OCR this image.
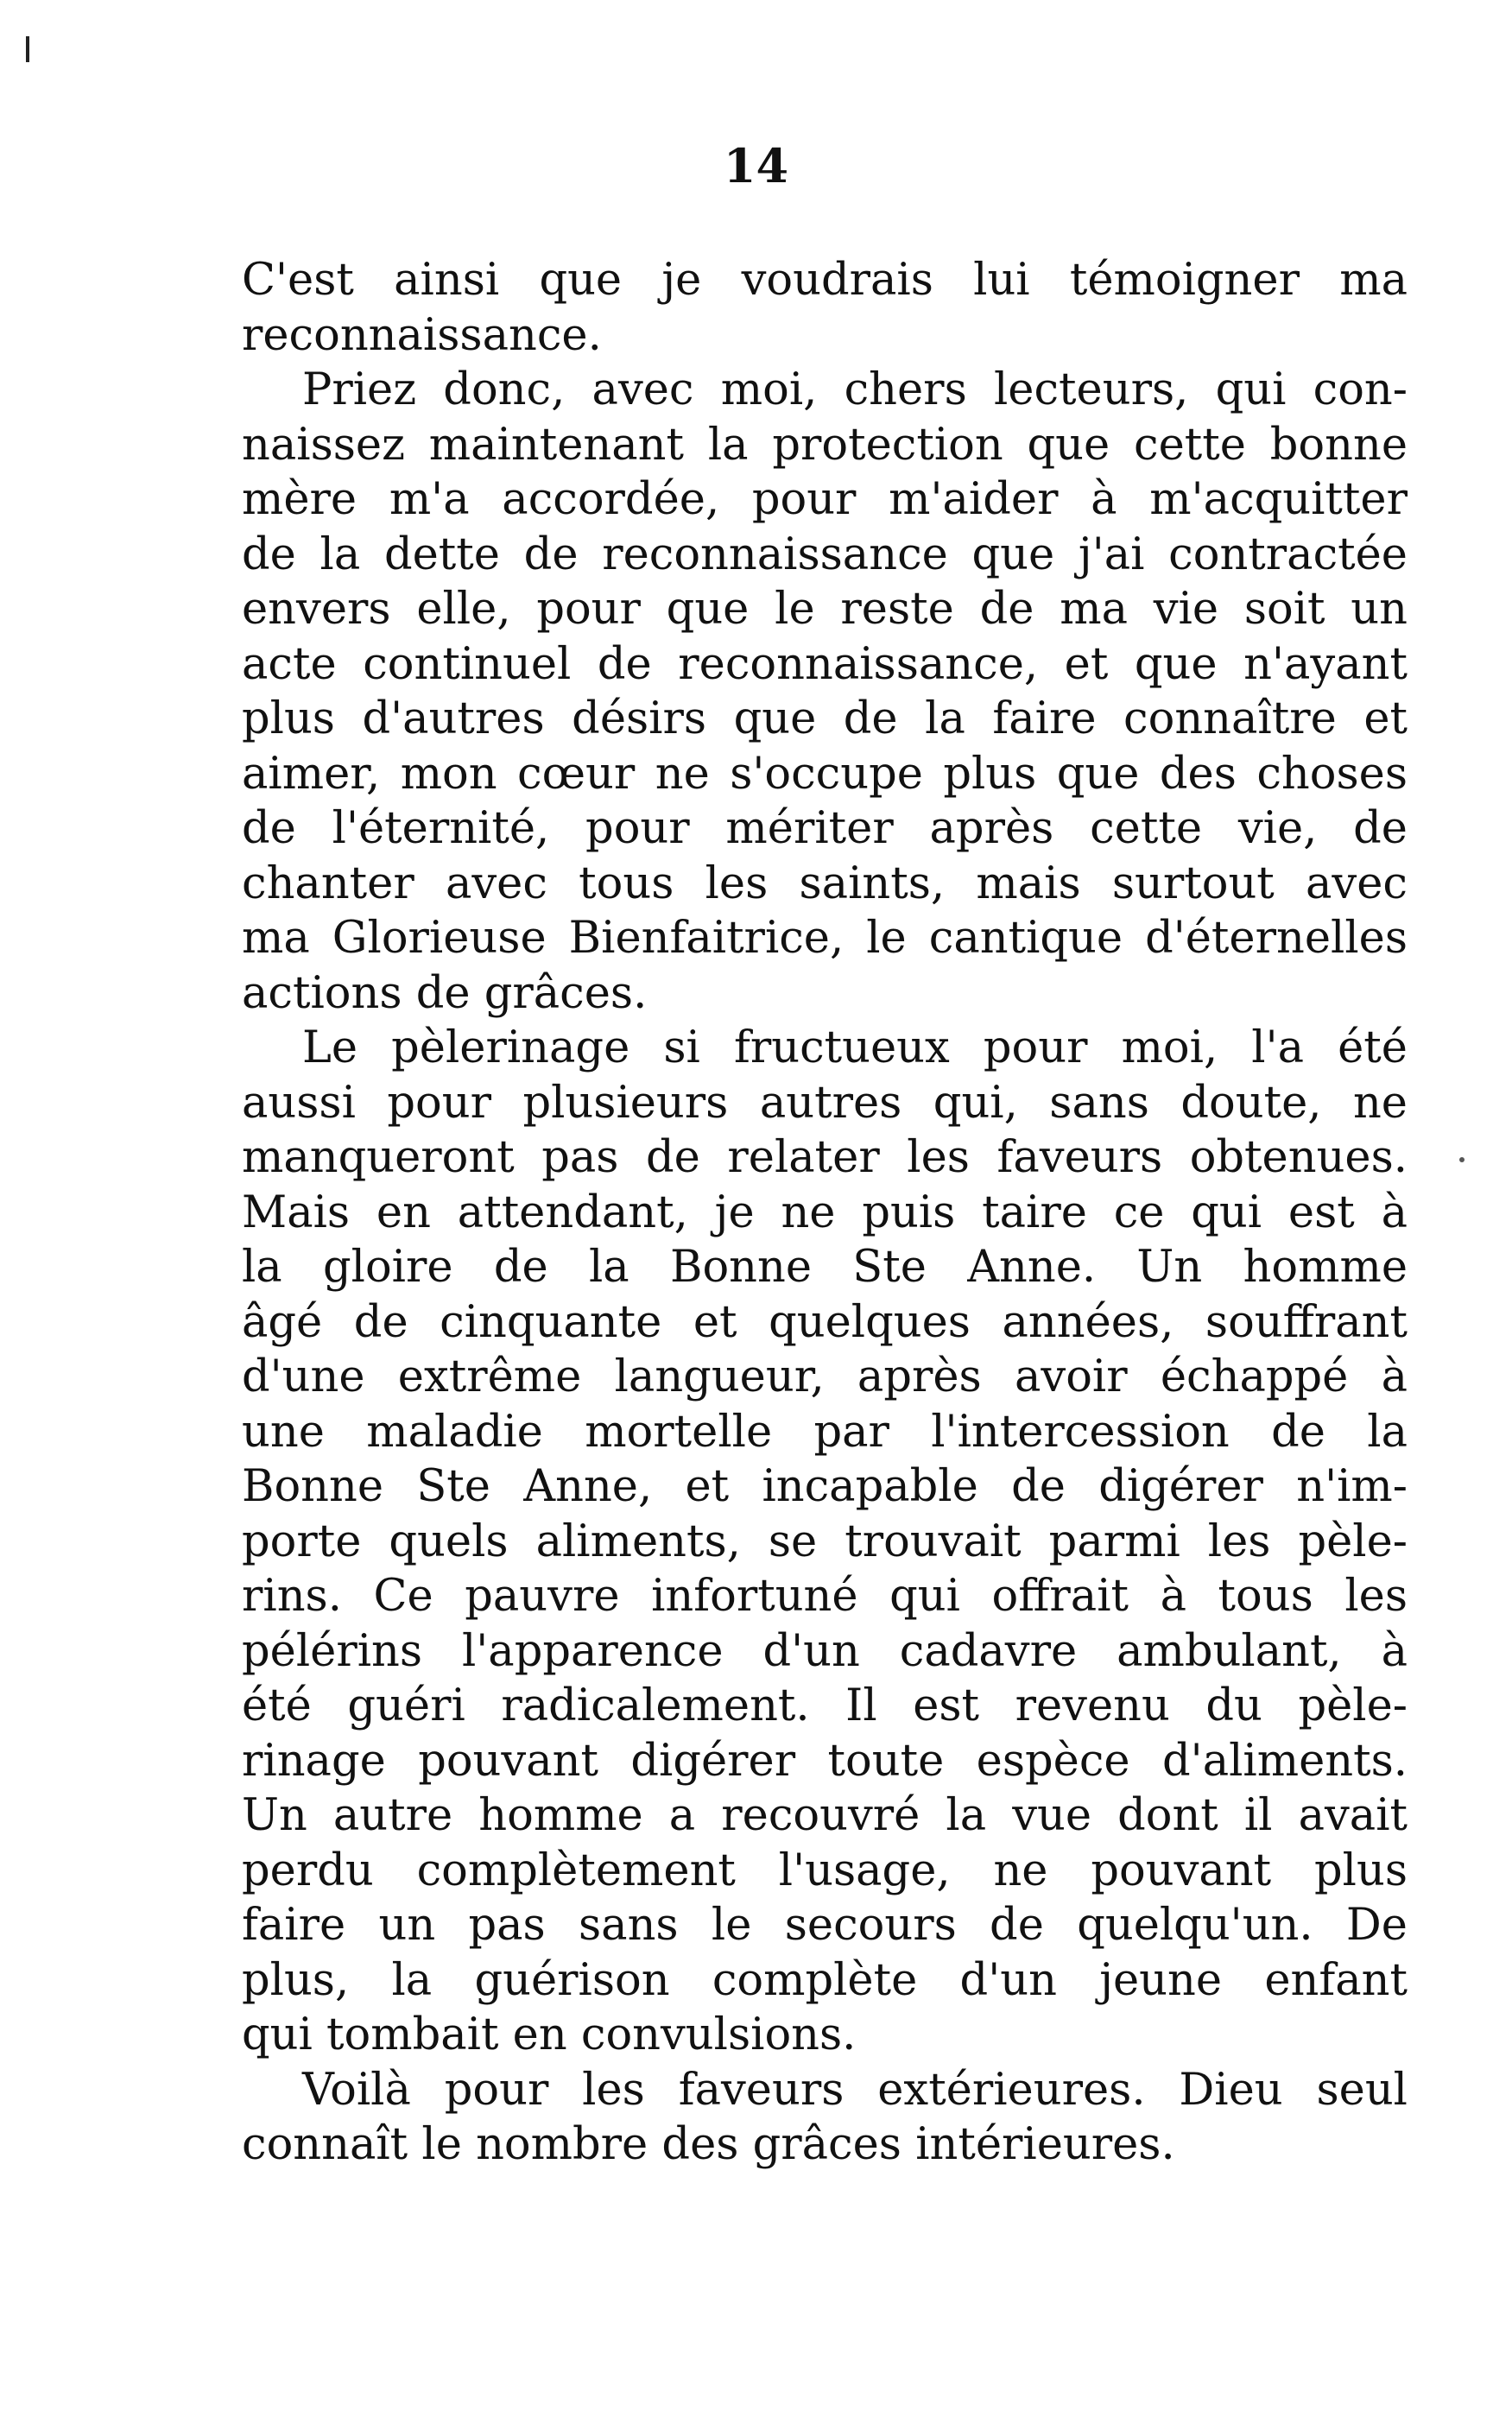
14
C'est ainsi que je voudrais lui témoigner ma
reconnaissance.
Priez donc, avec moi, chers lecteurs, qui con-
naissez maintenant la protection que cette bonne
mère m'a accordée, pour m'aider à m'acquitter
de la dette de reconnaissance que j'ai contractée
envers elle, pour que le reste de ma vie soit un
acte continuel de reconnaissance, et que n'ayant
plus d'autres désirs que de la faire connaître et
aimer, mon cœur ne s'occupe plus que des choses
de l'éternité, pour mériter après cette vie, de
chanter avec tous les saints, mais surtout avec
ma Glorieuse Bienfaitrice, le cantique d'éternelles
actions de grâces.
Le pèlerinage si fructueux pour moi, l'a été
aussi pour plusieurs autres qui, sans doute, ne
manqueront pas de relater les faveurs obtenues.
Mais en attendant, je ne puis taire ce qui est à
la gloire de la Bonne Ste Anne. Un homme
âgé de cinquante et quelques années, souffrant
d'une extrême langueur, après avoir échappé à
une maladie mortelle par l'intercession de la
Bonne Ste Anne, et incapable de digérer n'im-
porte quels aliments, se trouvait parmi les pèle-
rins. Ce pauvre infortuné qui offrait à tous les
pélérins l'apparence d'un cadavre ambulant, à
été guéri radicalement. Il est revenu du pèle-
rinage pouvant digérer toute espèce d'aliments.
Un autre homme a recouvré la vue dont il avait
perdu complètement l'usage, ne pouvant plus
faire un pas sans le secours de quelqu'un. De
plus, la guérison complète d'un jeune enfant
qui tombait en convulsions.
Voilà pour les faveurs extérieures. Dieu seul
connaît le nombre des grâces intérieures.
